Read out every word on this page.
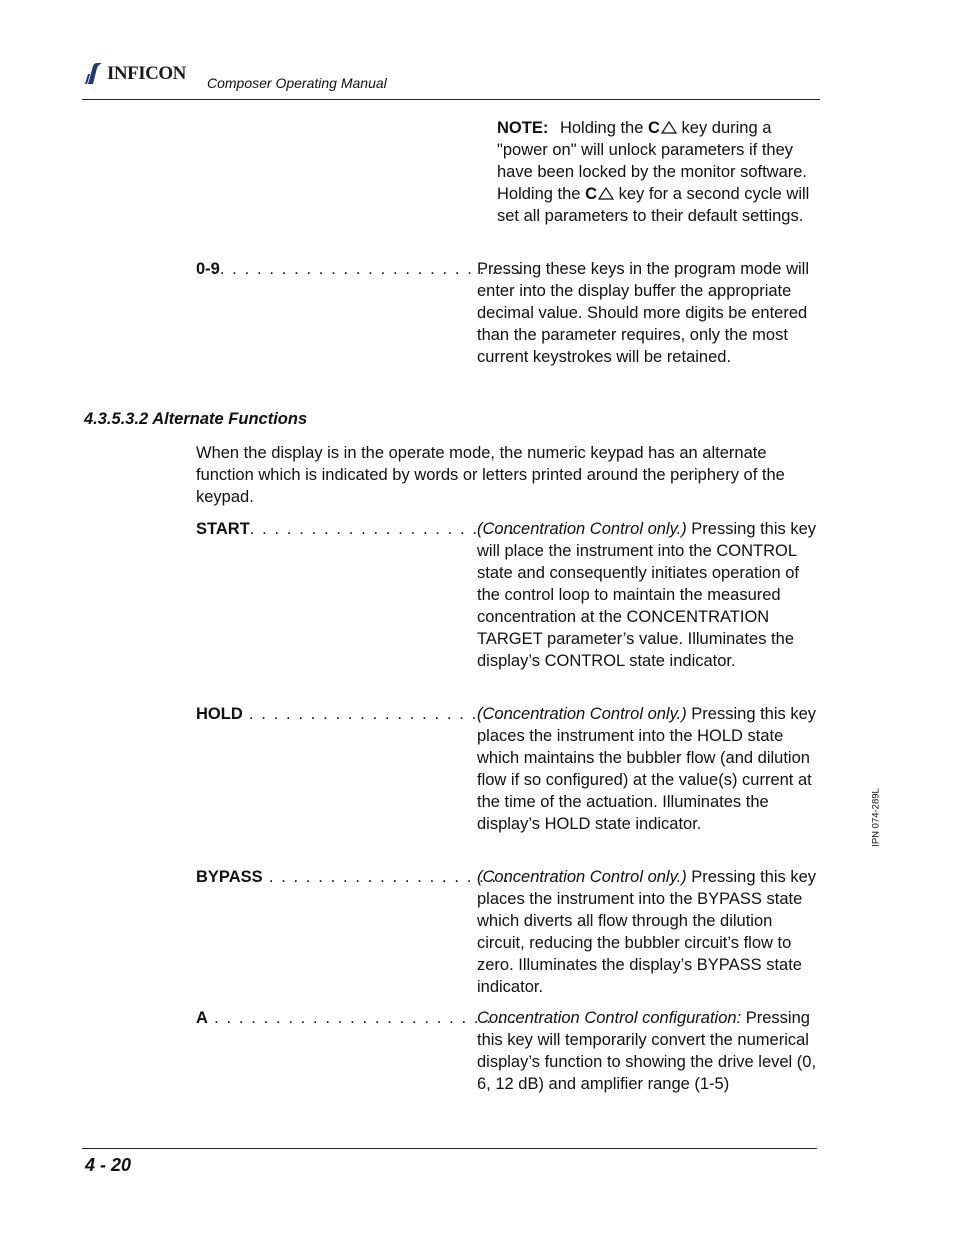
INFICON Composer Operating Manual
NOTE: Holding the C key during a "power on" will unlock parameters if they have been locked by the monitor software. Holding the C key for a second cycle will set all parameters to their default settings.
0-9. . . . . . . . . . . . . . . . . . . . . . . . .
Pressing these keys in the program mode will enter into the display buffer the appropriate decimal value. Should more digits be entered than the parameter requires, only the most current keystrokes will be retained.
4.3.5.3.2 Alternate Functions
When the display is in the operate mode, the numeric keypad has an alternate function which is indicated by words or letters printed around the periphery of the keypad.
START. . . . . . . . . . . . . . . . . . . . . .
(Concentration Control only.) Pressing this key will place the instrument into the CONTROL state and consequently initiates operation of the control loop to maintain the measured concentration at the CONCENTRATION TARGET parameter’s value. Illuminates the display’s CONTROL state indicator.
HOLD . . . . . . . . . . . . . . . . . . . . . .
(Concentration Control only.) Pressing this key places the instrument into the HOLD state which maintains the bubbler flow (and dilution flow if so configured) at the value(s) current at the time of the actuation. Illuminates the display’s HOLD state indicator.
BYPASS . . . . . . . . . . . . . . . . . . . .
(Concentration Control only.) Pressing this key places the instrument into the BYPASS state which diverts all flow through the dilution circuit, reducing the bubbler circuit’s flow to zero. Illuminates the display’s BYPASS state indicator.
A . . . . . . . . . . . . . . . . . . . . . . . . . .
Concentration Control configuration: Pressing this key will temporarily convert the numerical display’s function to showing the drive level (0, 6, 12 dB) and amplifier range (1-5)
IPN 074-289L
4 - 20
